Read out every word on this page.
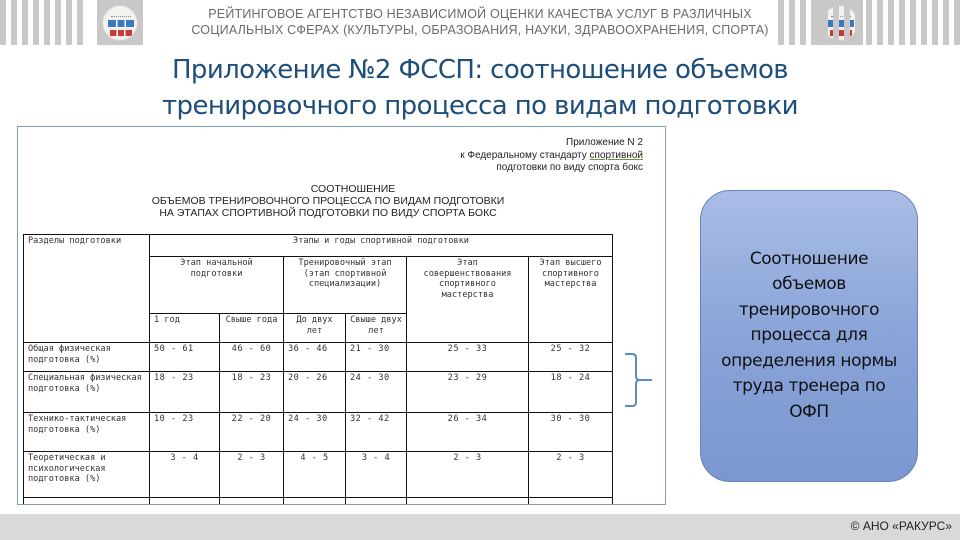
РЕЙТИНГОВОЕ АГЕНТСТВО НЕЗАВИСИМОЙ ОЦЕНКИ КАЧЕСТВА УСЛУГ В РАЗЛИЧНЫХ
СОЦИАЛЬНЫХ СФЕРАХ (КУЛЬТУРЫ, ОБРАЗОВАНИЯ, НАУКИ, ЗДРАВООХРАНЕНИЯ, СПОРТА)
Приложение №2 ФССП: соотношение объемов
тренировочного процесса по видам подготовки
Приложение N 2
к Федеральному стандарту спортивной
подготовки по виду спорта бокс
СООТНОШЕНИЕ
ОБЪЕМОВ ТРЕНИРОВОЧНОГО ПРОЦЕССА ПО ВИДАМ ПОДГОТОВКИ
НА ЭТАПАХ СПОРТИВНОЙ ПОДГОТОВКИ ПО ВИДУ СПОРТА БОКС
Разделы подготовки	Этапы и годы спортивной подготовки					
	Этап начальной подготовки		Тренировочный этап (этап спортивной специализации)		Этап совершенствования спортивного мастерства	Этап высшего спортивного мастерства
	1 год	Свыше года	До двух лет	Свыше двух лет		
Общая физическая подготовка (%)	50 - 61	46 - 60	36 - 46	21 - 30	25 - 33	25 - 32
Специальная физическая подготовка (%)	18 - 23	18 - 23	20 - 26	24 - 30	23 - 29	18 - 24
Технико-тактическая подготовка (%)	10 - 23	22 - 20	24 - 30	32 - 42	26 - 34	30 - 30
Теоретическая и психологическая подготовка (%)	3 - 4	2 - 3	4 - 5	3 - 4	2 - 3	2 - 3

Соотношение объемов тренировочного процесса для определения нормы труда тренера по ОФП
© АНО «РАКУРС»
